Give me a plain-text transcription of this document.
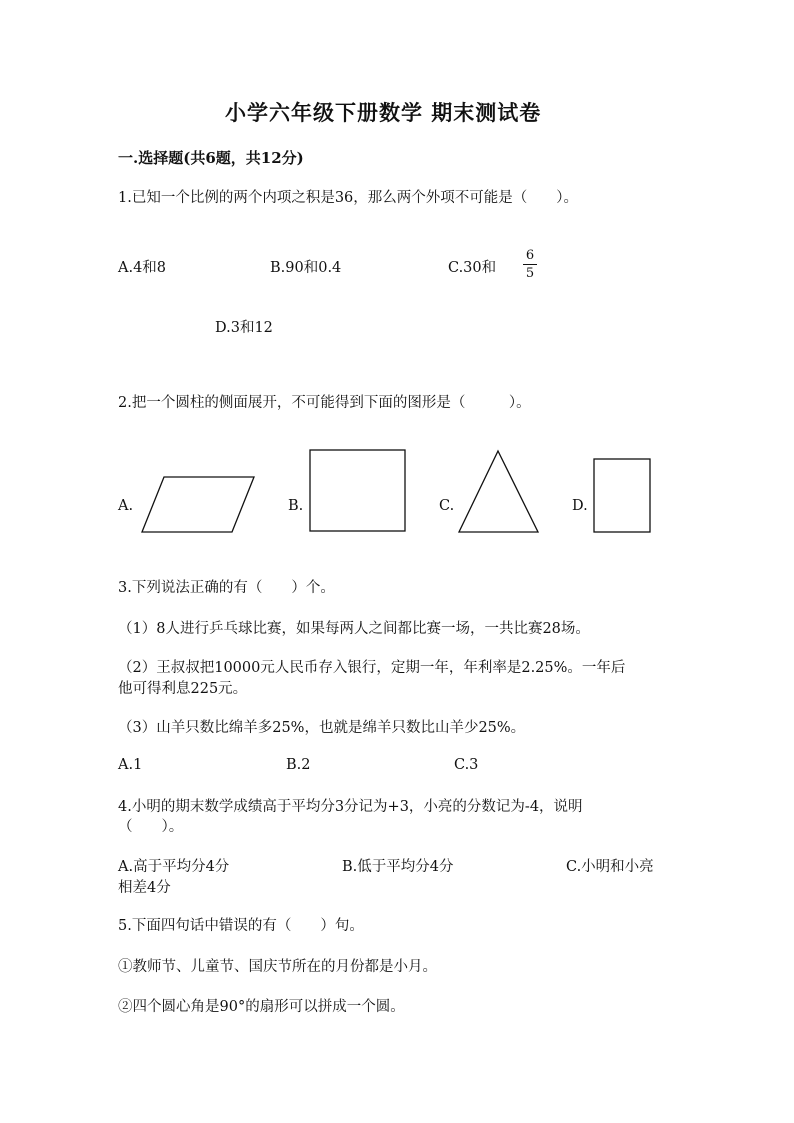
小学六年级下册数学 期末测试卷
一.选择题(共6题，共12分)
1.已知一个比例的两个内项之积是36，那么两个外项不可能是（　　）。
A.4和8	B.90和0.4	C.30和 $\frac{6}{5}$
D.3和12
2.把一个圆柱的侧面展开，不可能得到下面的图形是（　　　）。
A.	B.	C.	D.
3.下列说法正确的有（　　）个。
（1）8人进行乒乓球比赛，如果每两人之间都比赛一场，一共比赛28场。
（2）王叔叔把10000元人民币存入银行，定期一年，年利率是2.25%。一年后
他可得利息225元。
（3）山羊只数比绵羊多25%，也就是绵羊只数比山羊少25%。
A.1	B.2	C.3
4.小明的期末数学成绩高于平均分3分记为+3，小亮的分数记为-4，说明
（　　）。
A.高于平均分4分	B.低于平均分4分	C.小明和小亮
相差4分
5.下面四句话中错误的有（　　）句。
①教师节、儿童节、国庆节所在的月份都是小月。
②四个圆心角是90°的扇形可以拼成一个圆。
